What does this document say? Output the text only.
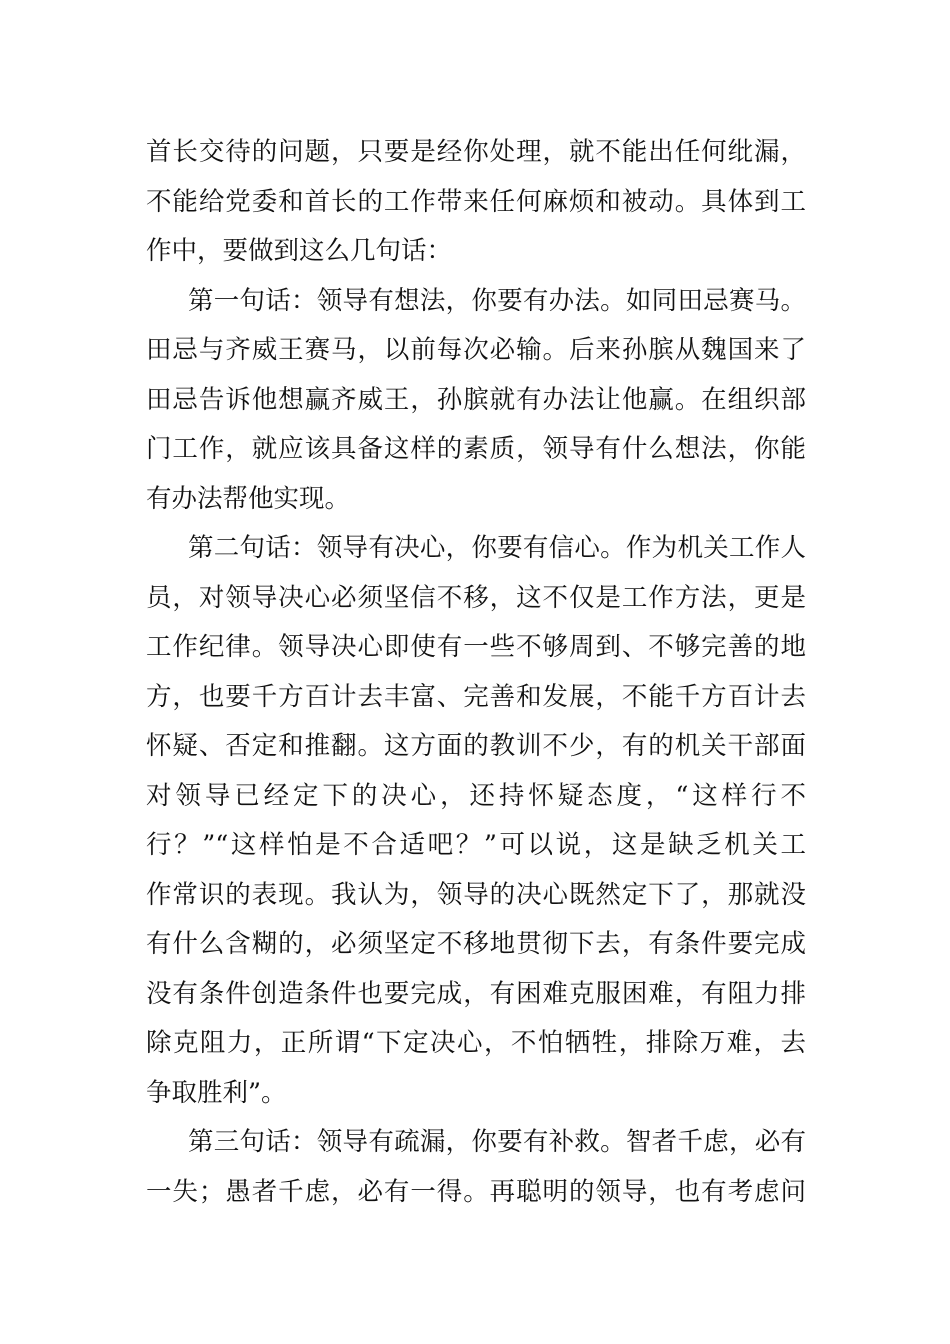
首长交待的问题，只要是经你处理，就不能出任何纰漏，
不能给党委和首长的工作带来任何麻烦和被动。具体到工
作中，要做到这么几句话：
第一句话：领导有想法，你要有办法。如同田忌赛马。
田忌与齐威王赛马，以前每次必输。后来孙膑从魏国来了
田忌告诉他想赢齐威王，孙膑就有办法让他赢。在组织部
门工作，就应该具备这样的素质，领导有什么想法，你能
有办法帮他实现。
第二句话：领导有决心，你要有信心。作为机关工作人
员，对领导决心必须坚信不移，这不仅是工作方法，更是
工作纪律。领导决心即使有一些不够周到、不够完善的地
方，也要千方百计去丰富、完善和发展，不能千方百计去
怀疑、否定和推翻。这方面的教训不少，有的机关干部面
对领导已经定下的决心，还持怀疑态度，“这样行不
行？”“这样怕是不合适吧？”可以说，这是缺乏机关工
作常识的表现。我认为，领导的决心既然定下了，那就没
有什么含糊的，必须坚定不移地贯彻下去，有条件要完成
没有条件创造条件也要完成，有困难克服困难，有阻力排
除克阻力，正所谓“下定决心，不怕牺牲，排除万难，去
争取胜利”。
第三句话：领导有疏漏，你要有补救。智者千虑，必有
一失；愚者千虑，必有一得。再聪明的领导，也有考虑问
